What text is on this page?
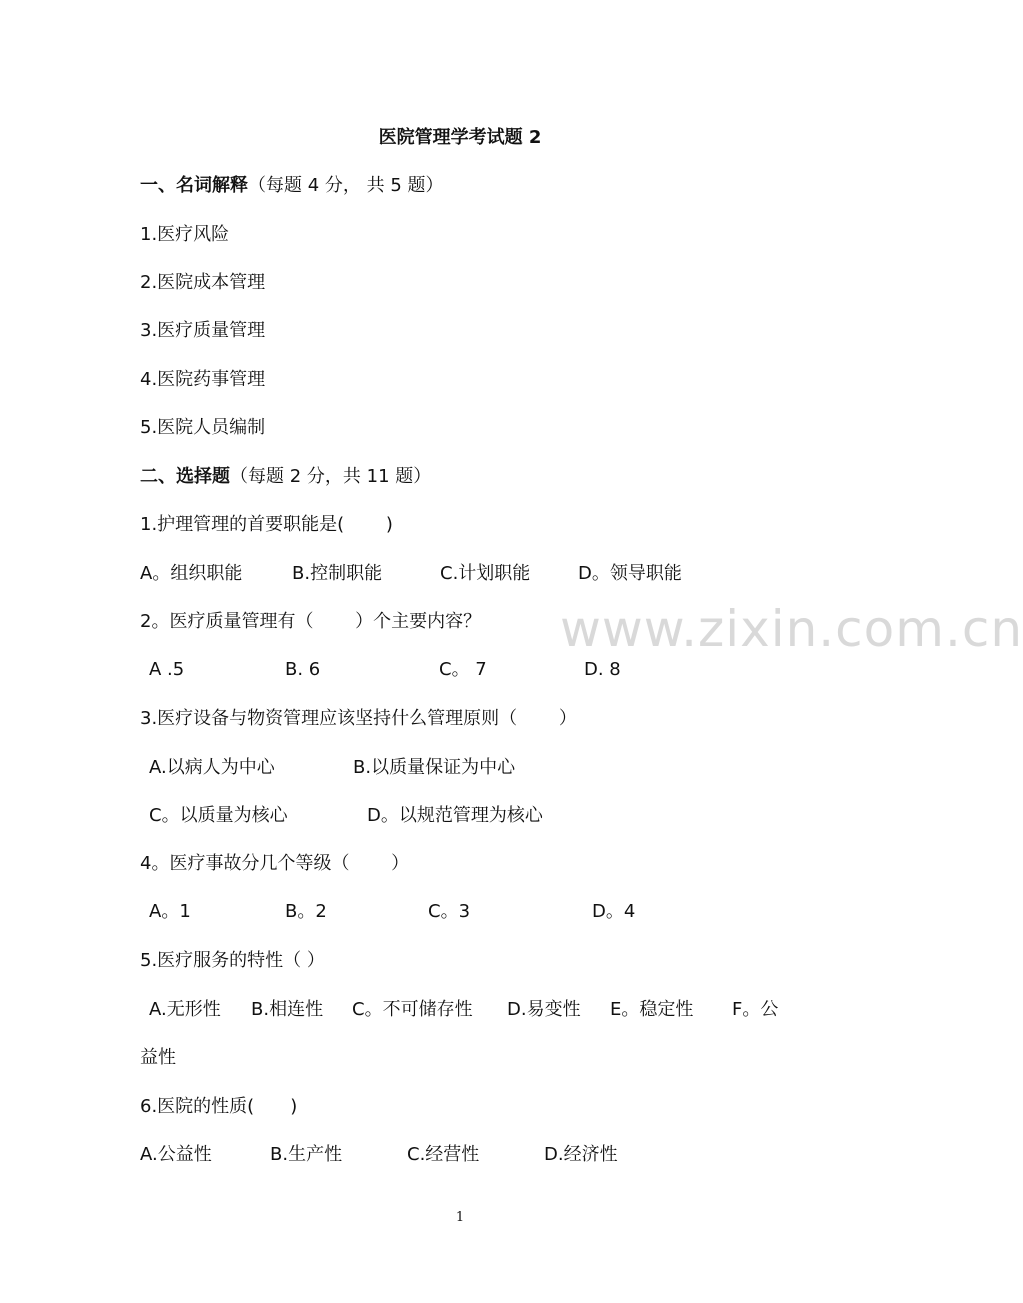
www.zixin.com.cn
医院管理学考试题 2
一、名词解释（每题 4 分， 共 5 题）
1.医疗风险
2.医院成本管理
3.医疗质量管理
4.医院药事管理
5.医院人员编制
二、选择题（每题 2 分，共 11 题）
1.护理管理的首要职能是(　　 )
A。组织职能	B.控制职能	C.计划职能	D。领导职能
2。医疗质量管理有（　　 ）个主要内容？
A .5	B. 6	C。 7	D. 8
3.医疗设备与物资管理应该坚持什么管理原则（　　 ）
A.以病人为中心	B.以质量保证为中心
C。以质量为核心	D。以规范管理为核心
4。医疗事故分几个等级（　　 ）
A。1	B。2	C。3	D。4
5.医疗服务的特性（ ）
A.无形性 B.相连性 C。不可储存性 D.易变性 E。稳定性 F。公
益性
6.医院的性质(　　)
A.公益性	B.生产性	C.经营性	D.经济性
1
